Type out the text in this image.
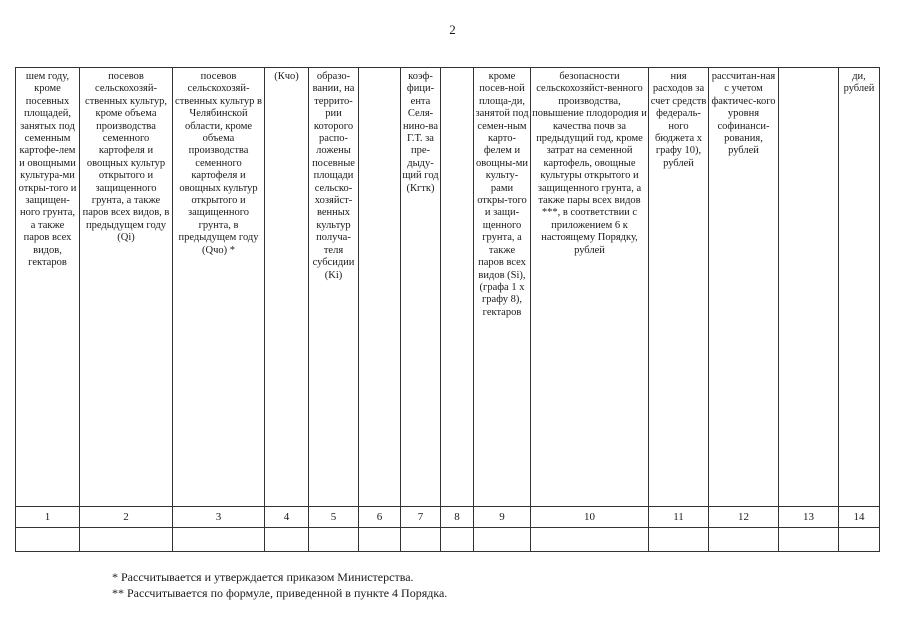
2
шем году, кроме посевных площадей, занятых под семенным картофе-лем и овощными культура-ми откры-того и защищен-ного грунта, а также паров всех видов, гектаров	посевов сельскохозяй-ственных культур, кроме объема производства семенного картофеля и овощных культур открытого и защищенного грунта, а также паров всех видов, в предыдущем году (Qi)	посевов сельскохозяй-ственных культур в Челябинской области, кроме объема производства семенного картофеля и овощных культур открытого и защищенного грунта, в предыдущем году (Qчо) *	(Кчо)	образо-вании, на террито-рии которого распо-ложены посевные площади сельско-хозяйст-венных культур получа-теля субсидии (Ki)		коэф-фици-ента Селя-нино-ва Г.Т. за пре-дыду-щий год (Кгтк)		кроме посев-ной площа-ди, занятой под семен-ным карто-фелем и овощны-ми культу-рами откры-того и защи-щенного грунта, а также паров всех видов (Si), (графа 1 х графу 8), гектаров	безопасности сельскохозяйст-венного производства, повышение плодородия и качества почв за предыдущий год, кроме затрат на семенной картофель, овощные культуры открытого и защищенного грунта, а также пары всех видов ***, в соответствии с приложением 6 к настоящему Порядку, рублей	ния расходов за счет средств федераль-ного бюджета х графу 10), рублей	рассчитан-ная с учетом фактичес-кого уровня софинанси-рования, рублей		ди, рублей
1	2	3	4	5	6	7	8	9	10	11	12	13	14

* Рассчитывается и утверждается приказом Министерства.
** Рассчитывается по формуле, приведенной в пункте 4 Порядка.
